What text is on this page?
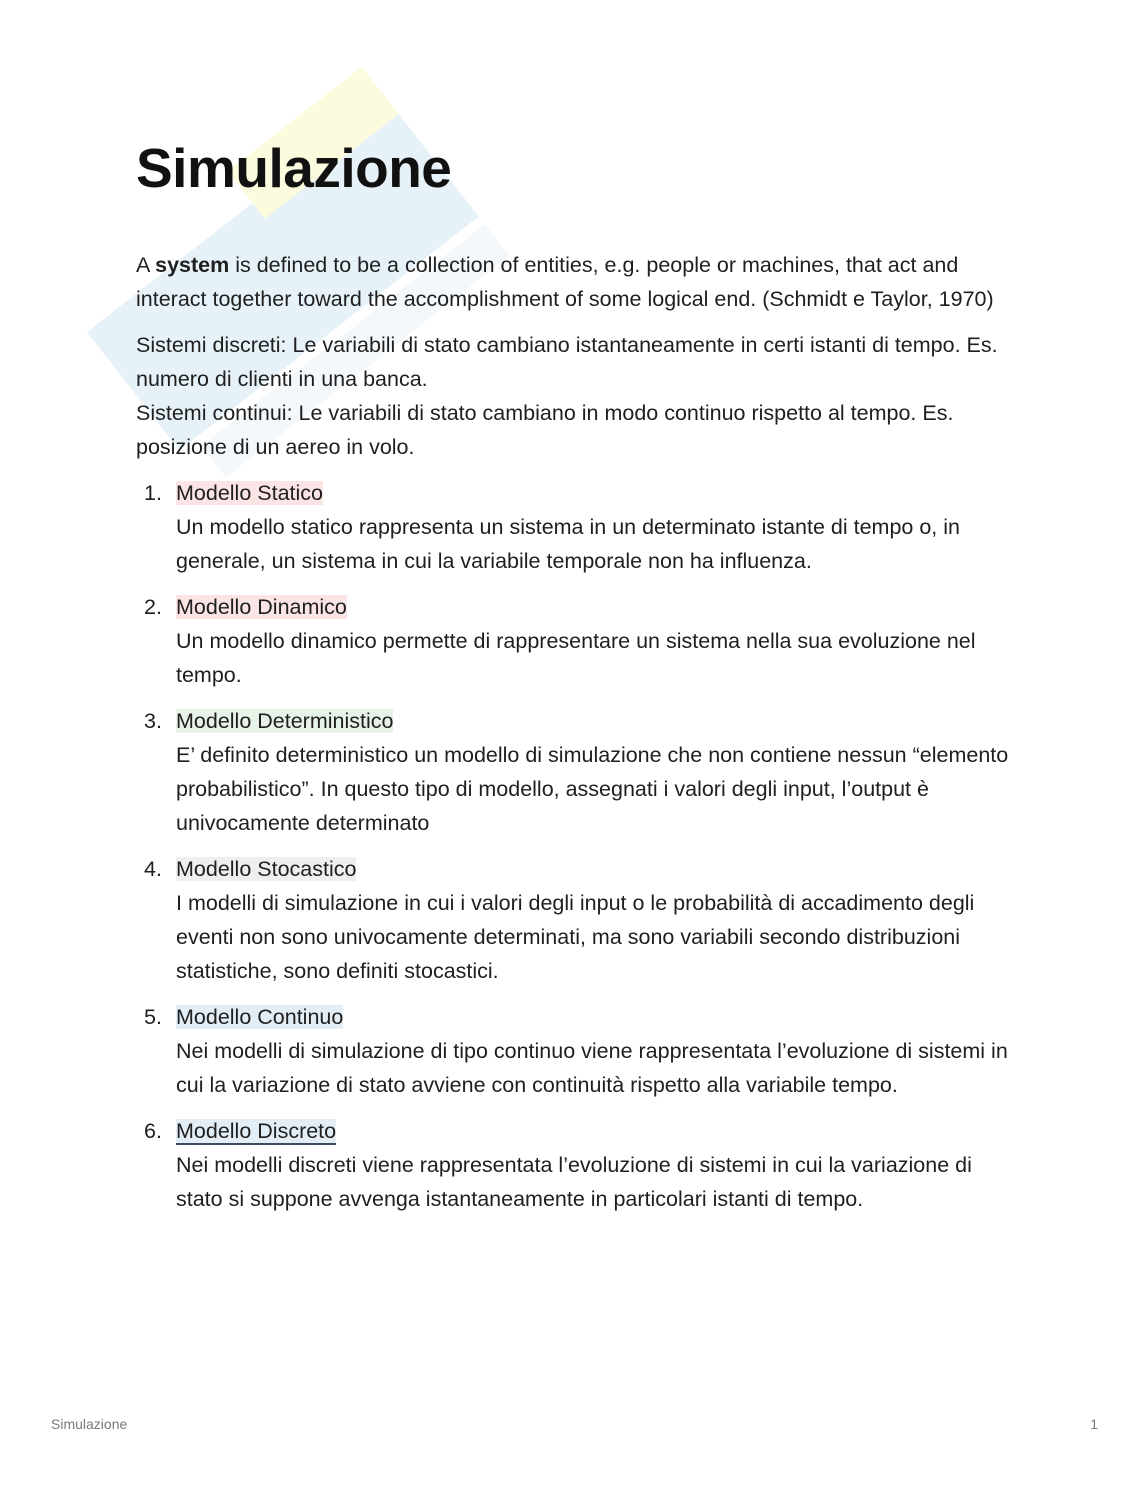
Simulazione

A system is defined to be a collection of entities, e.g. people or machines, that act and interact together toward the accomplishment of some logical end. (Schmidt e Taylor, 1970)

Sistemi discreti: Le variabili di stato cambiano istantaneamente in certi istanti di tempo. Es. numero di clienti in una banca.

Sistemi continui: Le variabili di stato cambiano in modo continuo rispetto al tempo. Es. posizione di un aereo in volo.

1. Modello Statico
Un modello statico rappresenta un sistema in un determinato istante di tempo o, in generale, un sistema in cui la variabile temporale non ha influenza.
2. Modello Dinamico
Un modello dinamico permette di rappresentare un sistema nella sua evoluzione nel tempo.
3. Modello Deterministico
E’ definito deterministico un modello di simulazione che non contiene nessun “elemento probabilistico”. In questo tipo di modello, assegnati i valori degli input, l’output è univocamente determinato
4. Modello Stocastico
I modelli di simulazione in cui i valori degli input o le probabilità di accadimento degli eventi non sono univocamente determinati, ma sono variabili secondo distribuzioni statistiche, sono definiti stocastici.
5. Modello Continuo
Nei modelli di simulazione di tipo continuo viene rappresentata l’evoluzione di sistemi in cui la variazione di stato avviene con continuità rispetto alla variabile tempo.
6. Modello Discreto
Nei modelli discreti viene rappresentata l’evoluzione di sistemi in cui la variazione di stato si suppone avvenga istantaneamente in particolari istanti di tempo.
Simulazione	1
